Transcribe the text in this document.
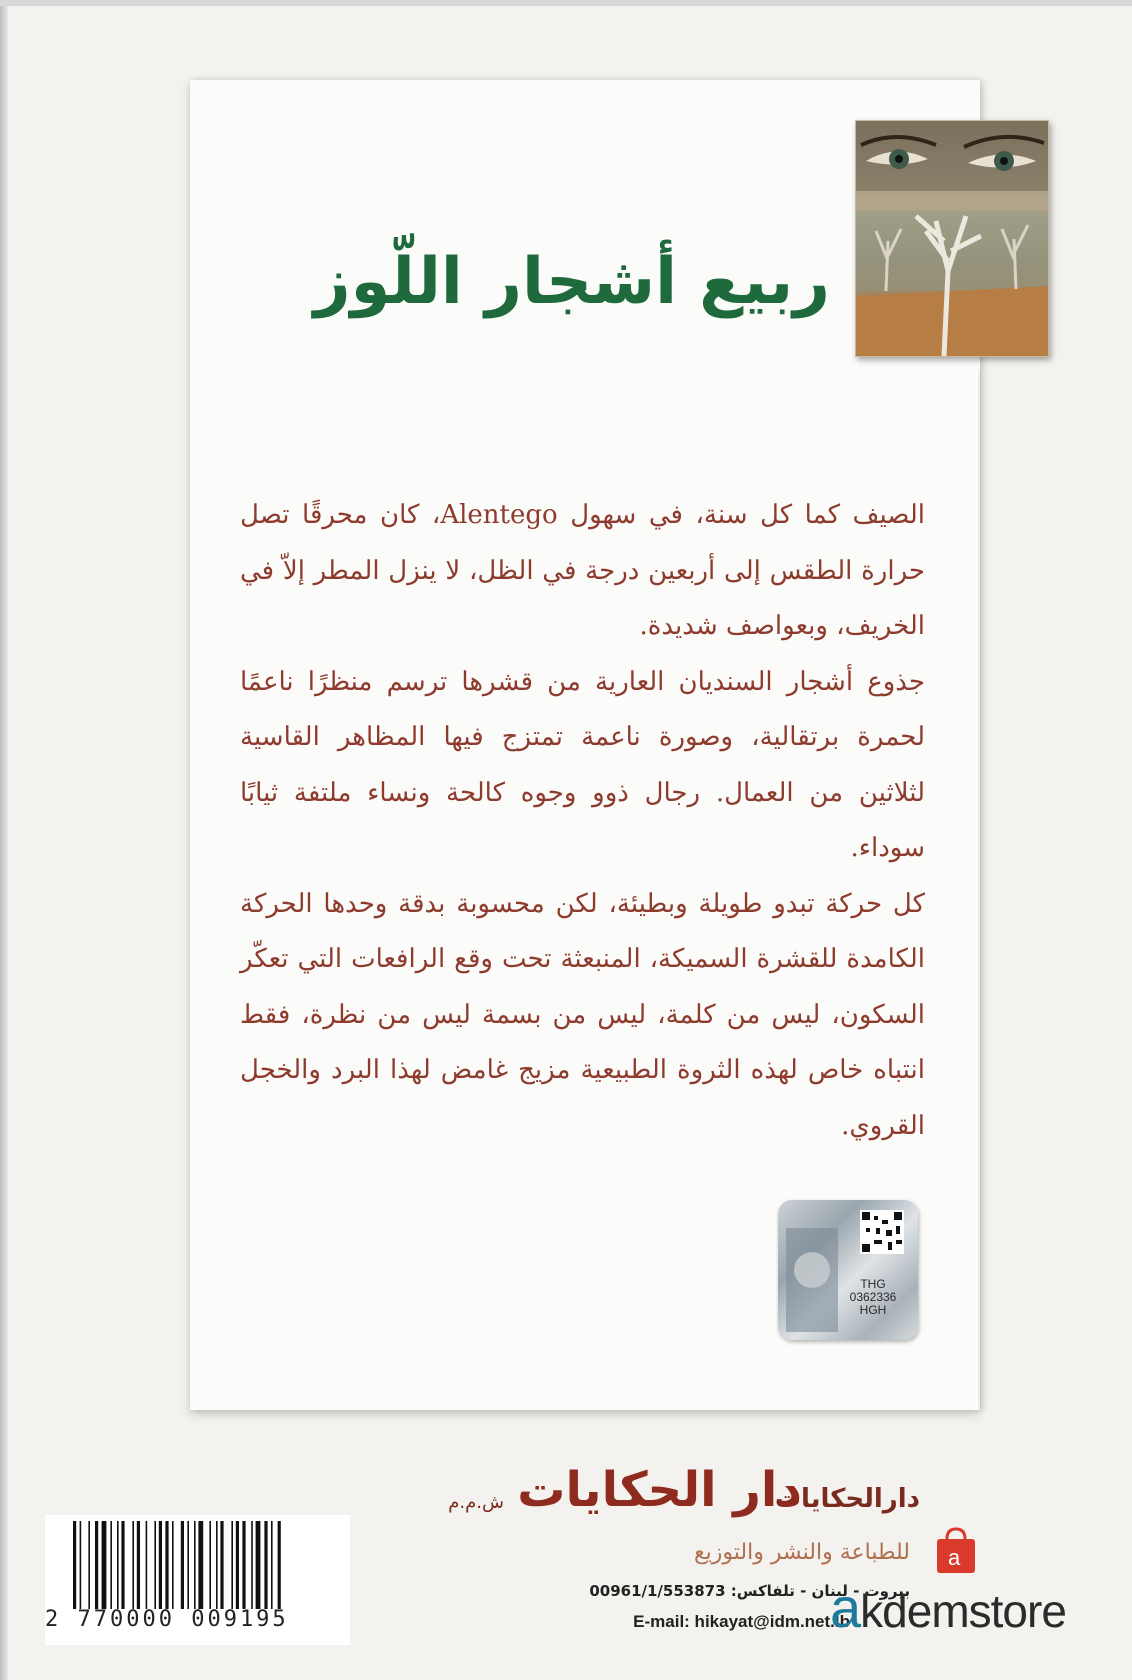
ربيع أشجار اللّوز

الصيف كما كل سنة، في سهول Alentego، كان محرقًا تصل حرارة الطقس إلى أربعين درجة في الظل، لا ينزل المطر إلاّ في الخريف، وبعواصف شديدة.

جذوع أشجار السنديان العارية من قشرها ترسم منظرًا ناعمًا لحمرة برتقالية، وصورة ناعمة تمتزج فيها المظاهر القاسية لثلاثين من العمال. رجال ذوو وجوه كالحة ونساء ملتفة ثيابًا سوداء.

كل حركة تبدو طويلة وبطيئة، لكن محسوبة بدقة وحدها الحركة الكامدة للقشرة السميكة، المنبعثة تحت وقع الرافعات التي تعكّر السكون، ليس من كلمة، ليس من بسمة ليس من نظرة، فقط انتباه خاص لهذه الثروة الطبيعية مزيج غامض لهذا البرد والخجل القروي.

THG
0362336
HGH
دارالحكايات
دار الحكايات
ش.م.م
للطباعة والنشر والتوزيع
بيروت - لبنان - تلفاكس: 00961/1/553873
E-mail: hikayat@idm.net.lb
2 770000 009195
a
akdemstore
